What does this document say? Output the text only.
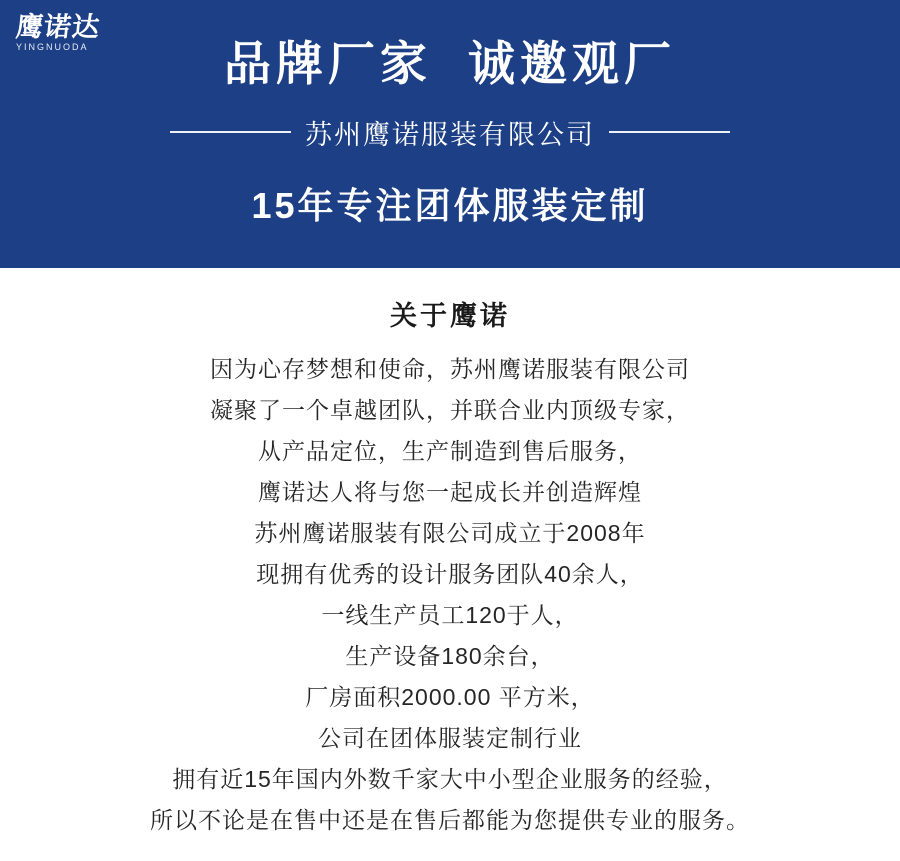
鹰诺达
YINGNUODA	品牌厂家  诚邀观厂
苏州鹰诺服装有限公司
15年专注团体服装定制
关于鹰诺
因为心存梦想和使命，苏州鹰诺服装有限公司
凝聚了一个卓越团队，并联合业内顶级专家，
从产品定位，生产制造到售后服务，
鹰诺达人将与您一起成长并创造辉煌
苏州鹰诺服装有限公司成立于2008年
现拥有优秀的设计服务团队40余人，
一线生产员工120于人，
生产设备180余台，
厂房面积2000.00 平方米，
公司在团体服装定制行业
拥有近15年国内外数千家大中小型企业服务的经验，
所以不论是在售中还是在售后都能为您提供专业的服务。
